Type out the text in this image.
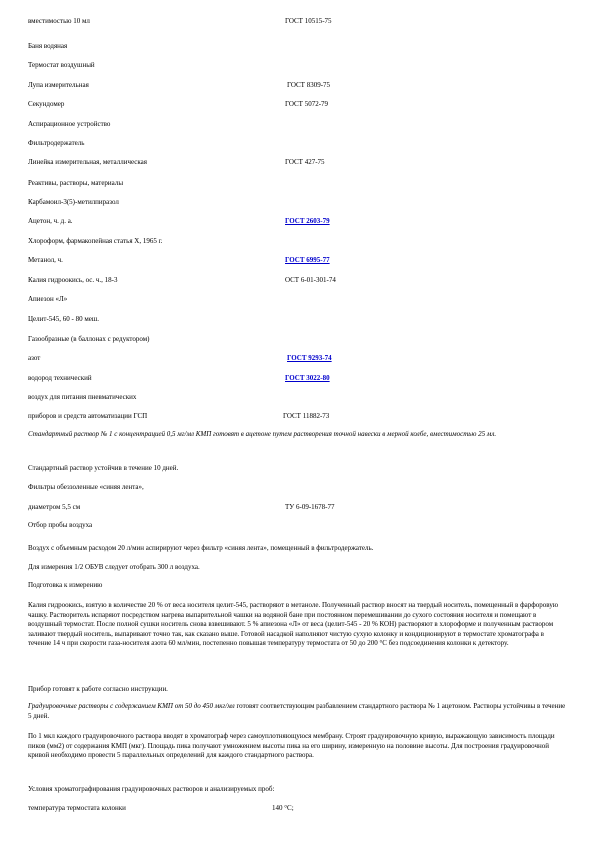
вместимостью 10 мл	ГОСТ 10515-75
Баня водяная
Термостат воздушный
Лупа измерительная	ГОСТ 8309-75
Секундомер	ГОСТ 5072-79
Аспирационное устройство
Фильтродержатель
Линейка измерительная, металлическая	ГОСТ 427-75
Реактивы, растворы, материалы
Карбамоил-3(5)-метилпиразол
Ацетон, ч. д. а.	ГОСТ 2603-79
Хлороформ, фармакопейная статья X, 1965 г.
Метанол, ч.	ГОСТ 6995-77
Калия гидроокись, ос. ч., 18-3	ОСТ 6-01-301-74
Апиезон «Л»
Целит-545, 60 - 80 меш.
Газообразные (в баллонах с редуктором)
азот	ГОСТ 9293-74
водород технический	ГОСТ 3022-80
воздух для питания пневматических
приборов и средств автоматизации ГСП	ГОСТ 11882-73

Стандартный раствор № 1 с концентрацией 0,5 мг/мл КМП готовят в ацетоне путем растворения точной навески в мерной колбе, вместимостью 25 мл.

Стандартный раствор устойчив в течение 10 дней.
Фильтры обеззоленные «синяя лента»,
диаметром 5,5 см	ТУ 6-09-1678-77
Отбор пробы воздуха
Воздух с объемным расходом 20 л/мин аспирируют через фильтр «синяя лента», помещенный в фильтродержатель.
Для измерения 1/2 ОБУВ следует отобрать 300 л воздуха.
Подготовка к измерению

Калия гидроокись, взятую в количестве 20 % от веса носителя целит-545, растворяют в метаноле. Полученный раствор вносят на твердый носитель, помещенный в фарфоровую чашку. Растворитель испаряют посредством нагрева выпарительной чашки на водяной бане при постоянном перемешивании до сухого состояния носителя и помещают в воздушный термостат. После полной сушки носитель снова взвешивают. 5 % апиезона «Л» от веса (целит-545 - 20 % КОН) растворяют в хлороформе и полученным раствором заливают твердый носитель, выпаривают точно так, как сказано выше. Готовой насадкой наполняют чистую сухую колонку и кондиционируют в термостате хроматографа в течение 14 ч при скорости газа-носителя азота 60 мл/мин, постепенно повышая температуру термостата от 50 до 200 °С без подсоединения колонки к детектору.

Прибор готовят к работе согласно инструкции.

Градуировочные растворы с содержанием КМП от 50 до 450 мкг/мл готовят соответствующим разбавлением стандартного раствора № 1 ацетоном. Растворы устойчивы в течение 5 дней.

По 1 мкл каждого градуировочного раствора вводят в хроматограф через самоуплотняющуюся мембрану. Строят градуировочную кривую, выражающую зависимость площади пиков (мм2) от содержания КМП (мкг). Площадь пика получают умножением высоты пика на его ширину, измеренную на половине высоты. Для построения градуировочной кривой необходимо провести 5 параллельных определений для каждого стандартного раствора.

Условия хроматографирования градуировочных растворов и анализируемых проб:
температура термостата колонки	140 °С;
